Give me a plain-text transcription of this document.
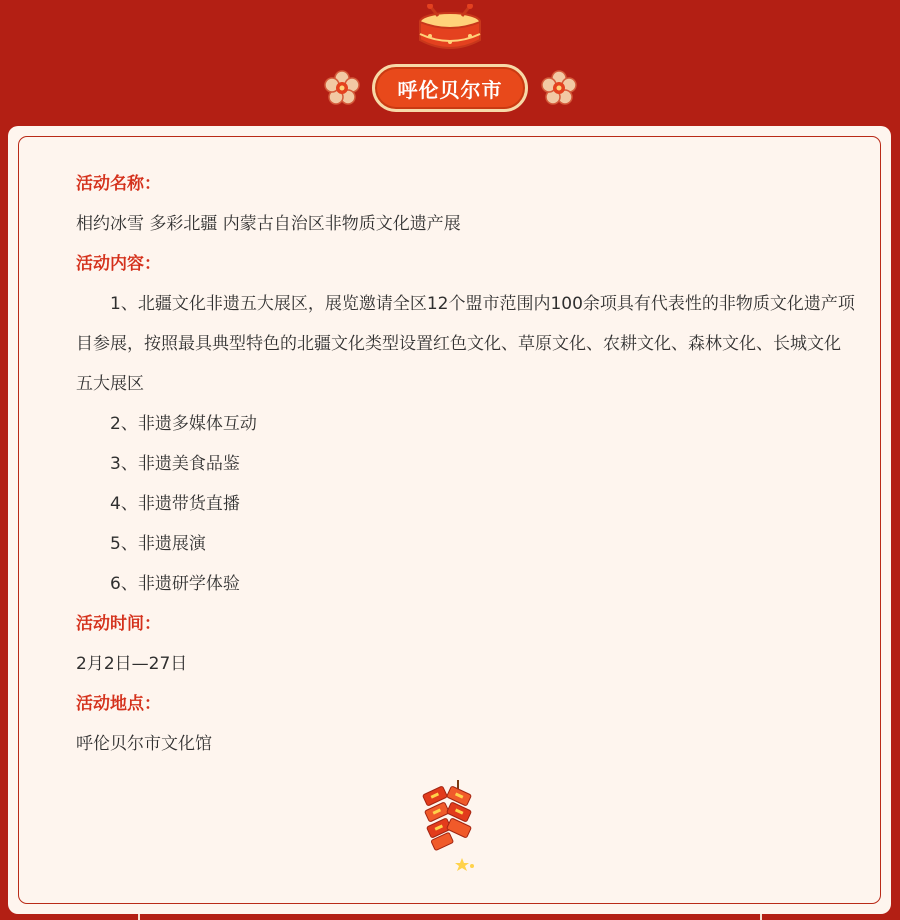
呼伦贝尔市
活动名称：
相约冰雪 多彩北疆 内蒙古自治区非物质文化遗产展
活动内容：
1、北疆文化非遗五大展区，展览邀请全区12个盟市范围内100余项具有代表性的非物质文化遗产项目参展，按照最具典型特色的北疆文化类型设置红色文化、草原文化、农耕文化、森林文化、长城文化五大展区
2、非遗多媒体互动
3、非遗美食品鉴
4、非遗带货直播
5、非遗展演
6、非遗研学体验
活动时间：
2月2日—27日
活动地点：
呼伦贝尔市文化馆
